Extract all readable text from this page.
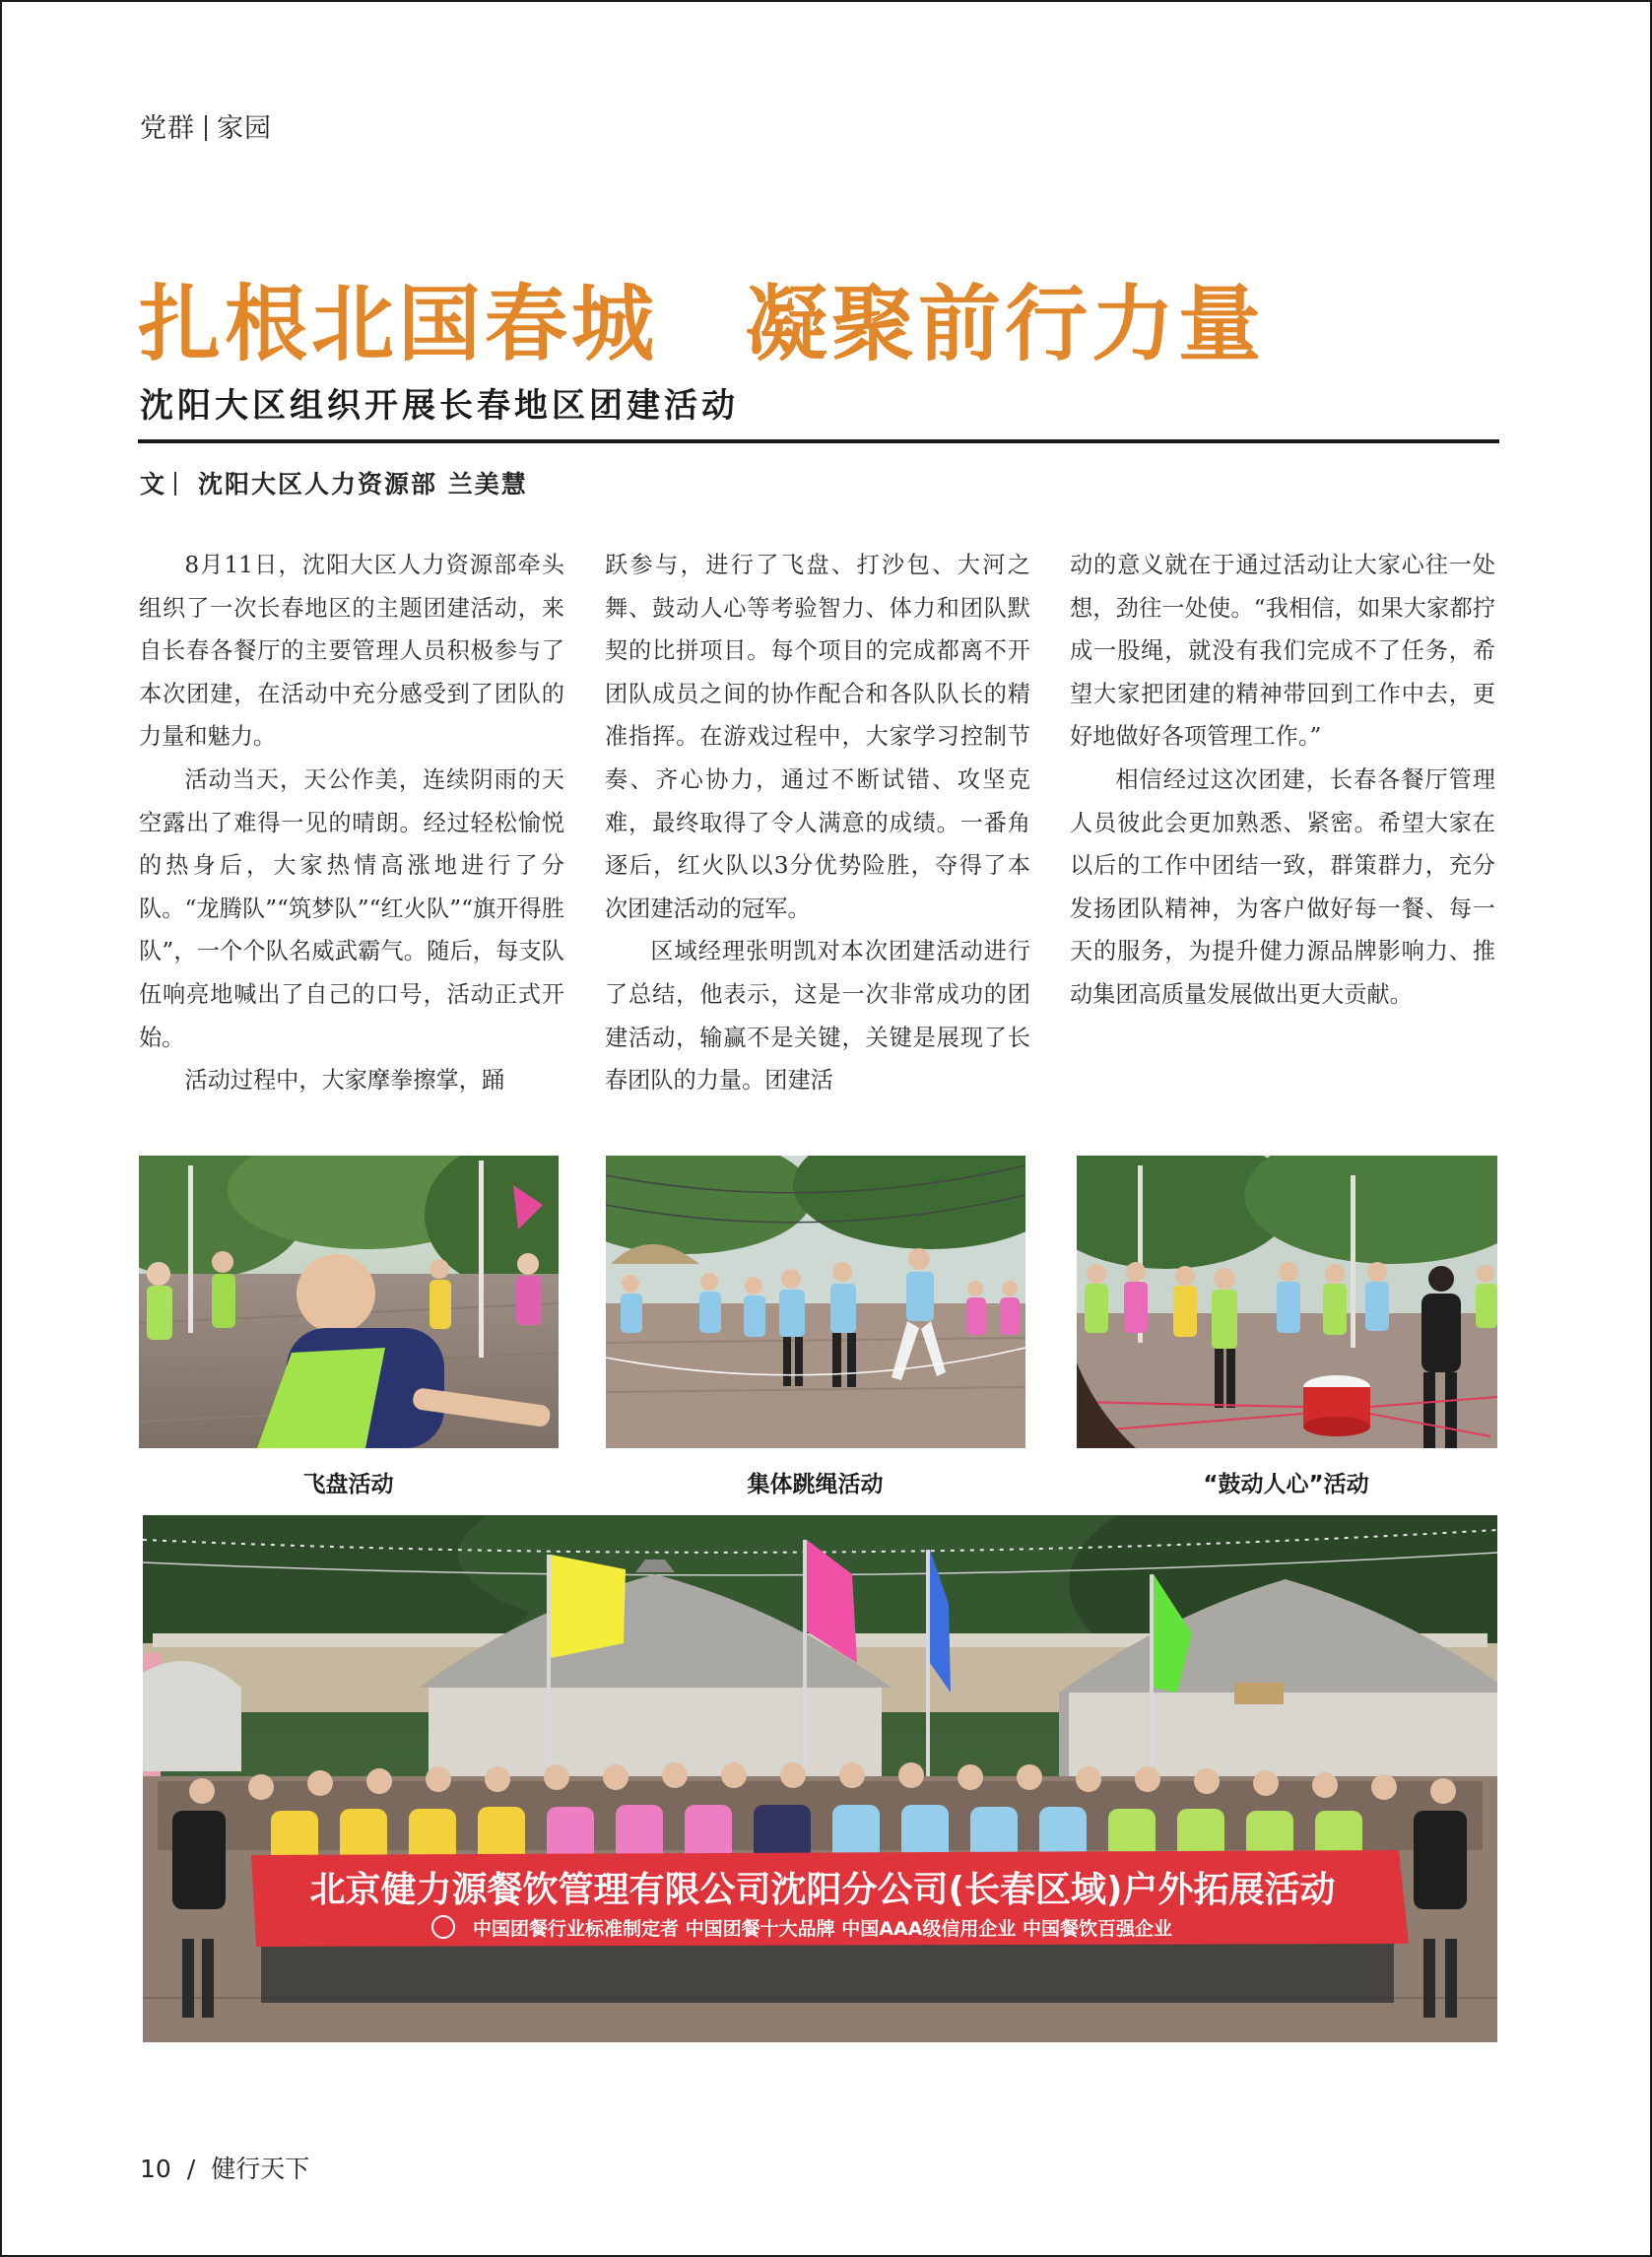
党群 家园
扎根北国春城　凝聚前行力量
沈阳大区组织开展长春地区团建活动
文 沈阳大区人力资源部 兰美慧

8月11日，沈阳大区人力资源部牵头组织了一次长春地区的主题团建活动，来自长春各餐厅的主要管理人员积极参与了本次团建，在活动中充分感受到了团队的力量和魅力。

活动当天，天公作美，连续阴雨的天空露出了难得一见的晴朗。经过轻松愉悦的热身后，大家热情高涨地进行了分队。“龙腾队”“筑梦队”“红火队”“旗开得胜队”，一个个队名威武霸气。随后，每支队伍响亮地喊出了自己的口号，活动正式开始。

活动过程中，大家摩拳擦掌，踊

跃参与，进行了飞盘、打沙包、大河之舞、鼓动人心等考验智力、体力和团队默契的比拼项目。每个项目的完成都离不开团队成员之间的协作配合和各队队长的精准指挥。在游戏过程中，大家学习控制节奏、齐心协力，通过不断试错、攻坚克难，最终取得了令人满意的成绩。一番角逐后，红火队以3分优势险胜，夺得了本次团建活动的冠军。

区域经理张明凯对本次团建活动进行了总结，他表示，这是一次非常成功的团建活动，输赢不是关键，关键是展现了长春团队的力量。团建活

动的意义就在于通过活动让大家心往一处想，劲往一处使。“我相信，如果大家都拧成一股绳，就没有我们完成不了任务，希望大家把团建的精神带回到工作中去，更好地做好各项管理工作。”

相信经过这次团建，长春各餐厅管理人员彼此会更加熟悉、紧密。希望大家在以后的工作中团结一致，群策群力，充分发扬团队精神，为客户做好每一餐、每一天的服务，为提升健力源品牌影响力、推动集团高质量发展做出更大贡献。

飞盘活动	集体跳绳活动	“鼓动人心”活动
北京健力源餐饮管理有限公司沈阳分公司(长春区域)户外拓展活动
中国团餐行业标准制定者 中国团餐十大品牌 中国AAA级信用企业 中国餐饮百强企业
10 / 健行天下
